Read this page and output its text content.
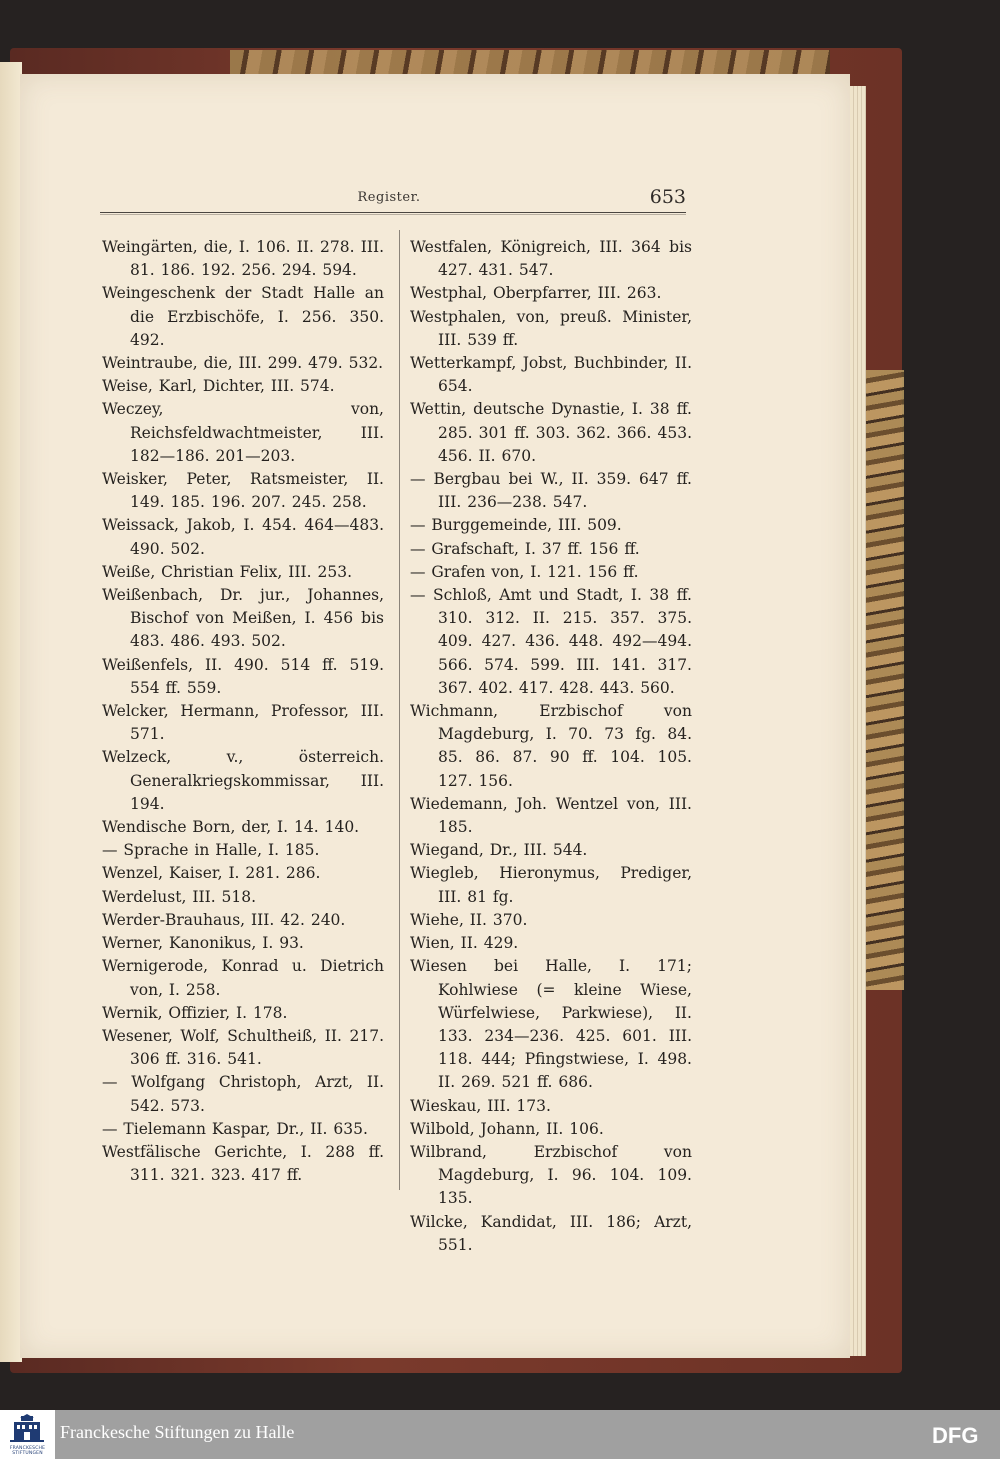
Register.	653
Weingärten, die, I. 106. II. 278. III. 81. 186. 192. 256. 294. 594.
Weingeschenk der Stadt Halle an die Erzbischöfe, I. 256. 350. 492.
Weintraube, die, III. 299. 479. 532.
Weise, Karl, Dichter, III. 574.
Weczey, von, Reichsfeldwachtmeister, III. 182—186. 201—203.
Weisker, Peter, Ratsmeister, II. 149. 185. 196. 207. 245. 258.
Weissack, Jakob, I. 454. 464—483. 490. 502.
Weiße, Christian Felix, III. 253.
Weißenbach, Dr. jur., Johannes, Bischof von Meißen, I. 456 bis 483. 486. 493. 502.
Weißenfels, II. 490. 514 ff. 519. 554 ff. 559.
Welcker, Hermann, Professor, III. 571.
Welzeck, v., österreich. Generalkriegskommissar, III. 194.
Wendische Born, der, I. 14. 140.
— Sprache in Halle, I. 185.
Wenzel, Kaiser, I. 281. 286.
Werdelust, III. 518.
Werder-Brauhaus, III. 42. 240.
Werner, Kanonikus, I. 93.
Wernigerode, Konrad u. Dietrich von, I. 258.
Wernik, Offizier, I. 178.
Wesener, Wolf, Schultheiß, II. 217. 306 ff. 316. 541.
— Wolfgang Christoph, Arzt, II. 542. 573.
— Tielemann Kaspar, Dr., II. 635.
Westfälische Gerichte, I. 288 ff. 311. 321. 323. 417 ff.
Westfalen, Königreich, III. 364 bis 427. 431. 547.
Westphal, Oberpfarrer, III. 263.
Westphalen, von, preuß. Minister, III. 539 ff.
Wetterkampf, Jobst, Buchbinder, II. 654.
Wettin, deutsche Dynastie, I. 38 ff. 285. 301 ff. 303. 362. 366. 453. 456. II. 670.
— Bergbau bei W., II. 359. 647 ff. III. 236—238. 547.
— Burggemeinde, III. 509.
— Grafschaft, I. 37 ff. 156 ff.
— Grafen von, I. 121. 156 ff.
— Schloß, Amt und Stadt, I. 38 ff. 310. 312. II. 215. 357. 375. 409. 427. 436. 448. 492—494. 566. 574. 599. III. 141. 317. 367. 402. 417. 428. 443. 560.
Wichmann, Erzbischof von Magdeburg, I. 70. 73 fg. 84. 85. 86. 87. 90 ff. 104. 105. 127. 156.
Wiedemann, Joh. Wentzel von, III. 185.
Wiegand, Dr., III. 544.
Wiegleb, Hieronymus, Prediger, III. 81 fg.
Wiehe, II. 370.
Wien, II. 429.
Wiesen bei Halle, I. 171; Kohlwiese (= kleine Wiese, Würfelwiese, Parkwiese), II. 133. 234—236. 425. 601. III. 118. 444; Pfingstwiese, I. 498. II. 269. 521 ff. 686.
Wieskau, III. 173.
Wilbold, Johann, II. 106.
Wilbrand, Erzbischof von Magdeburg, I. 96. 104. 109. 135.
Wilcke, Kandidat, III. 186; Arzt, 551.
FRANCKESCHE STIFTUNGEN
Franckesche Stiftungen zu Halle	DFG
